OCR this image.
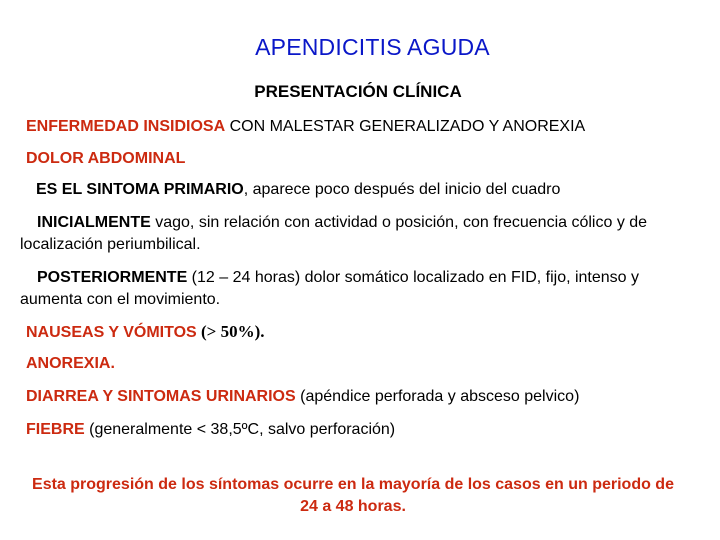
APENDICITIS AGUDA
PRESENTACIÓN CLÍNICA
ENFERMEDAD INSIDIOSA CON MALESTAR GENERALIZADO Y ANOREXIA
DOLOR ABDOMINAL
ES EL SINTOMA PRIMARIO, aparece poco después del inicio del cuadro
INICIALMENTE vago, sin relación con actividad o posición, con frecuencia cólico y de localización periumbilical.
POSTERIORMENTE (12 – 24 horas) dolor somático localizado en FID, fijo, intenso y aumenta con el movimiento.
NAUSEAS Y VÓMITOS (> 50%).
ANOREXIA.
DIARREA Y SINTOMAS URINARIOS (apéndice perforada y absceso pelvico)
FIEBRE (generalmente < 38,5ºC, salvo perforación)
Esta progresión de los síntomas ocurre en la mayoría de los casos en un periodo de 24 a 48 horas.
